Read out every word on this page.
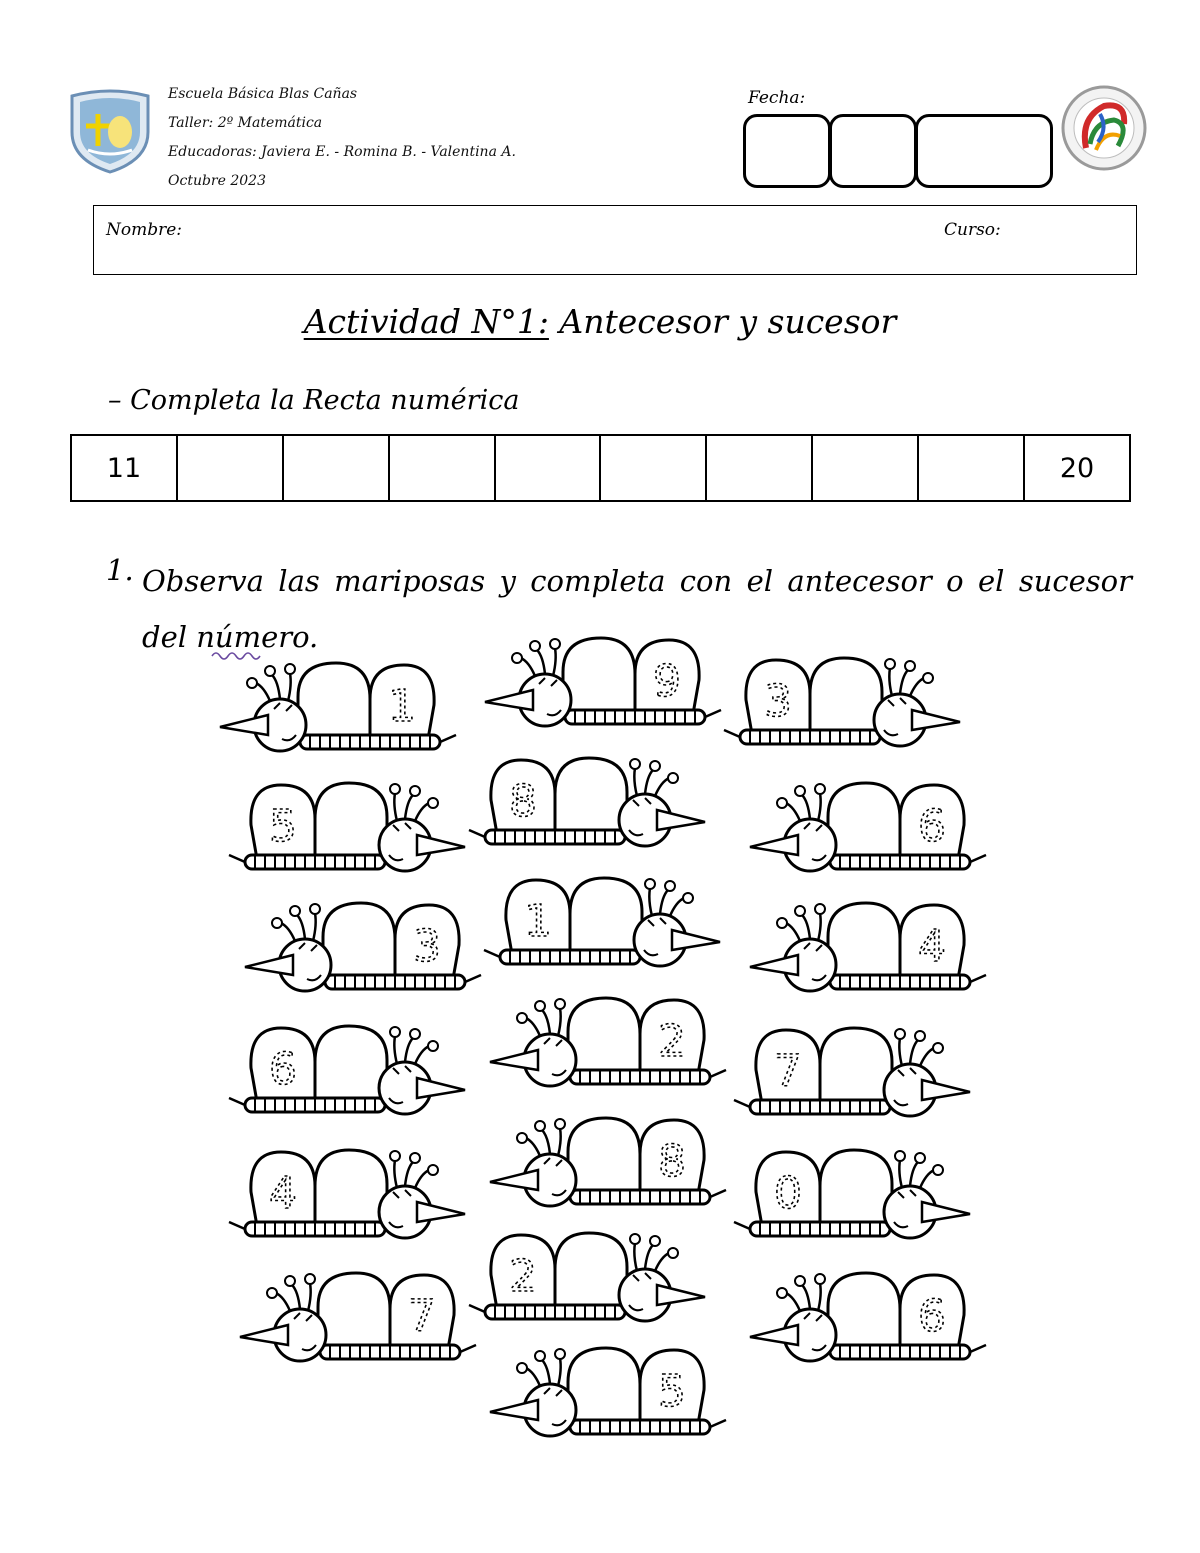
Escuela Básica Blas Cañas
Taller: 2º Matemática
Educadoras: Javiera E. - Romina B. - Valentina A.
Octubre 2023
Fecha:
Nombre:	Curso:
Actividad N°1: Antecesor y sucesor
– Completa la Recta numérica
11									20
1. Observa las mariposas y completa con el antecesor o el sucesor del número.
1
5
3
6
4
7
9
8
1
2
8
2
5
3
6
4
7
0
6
